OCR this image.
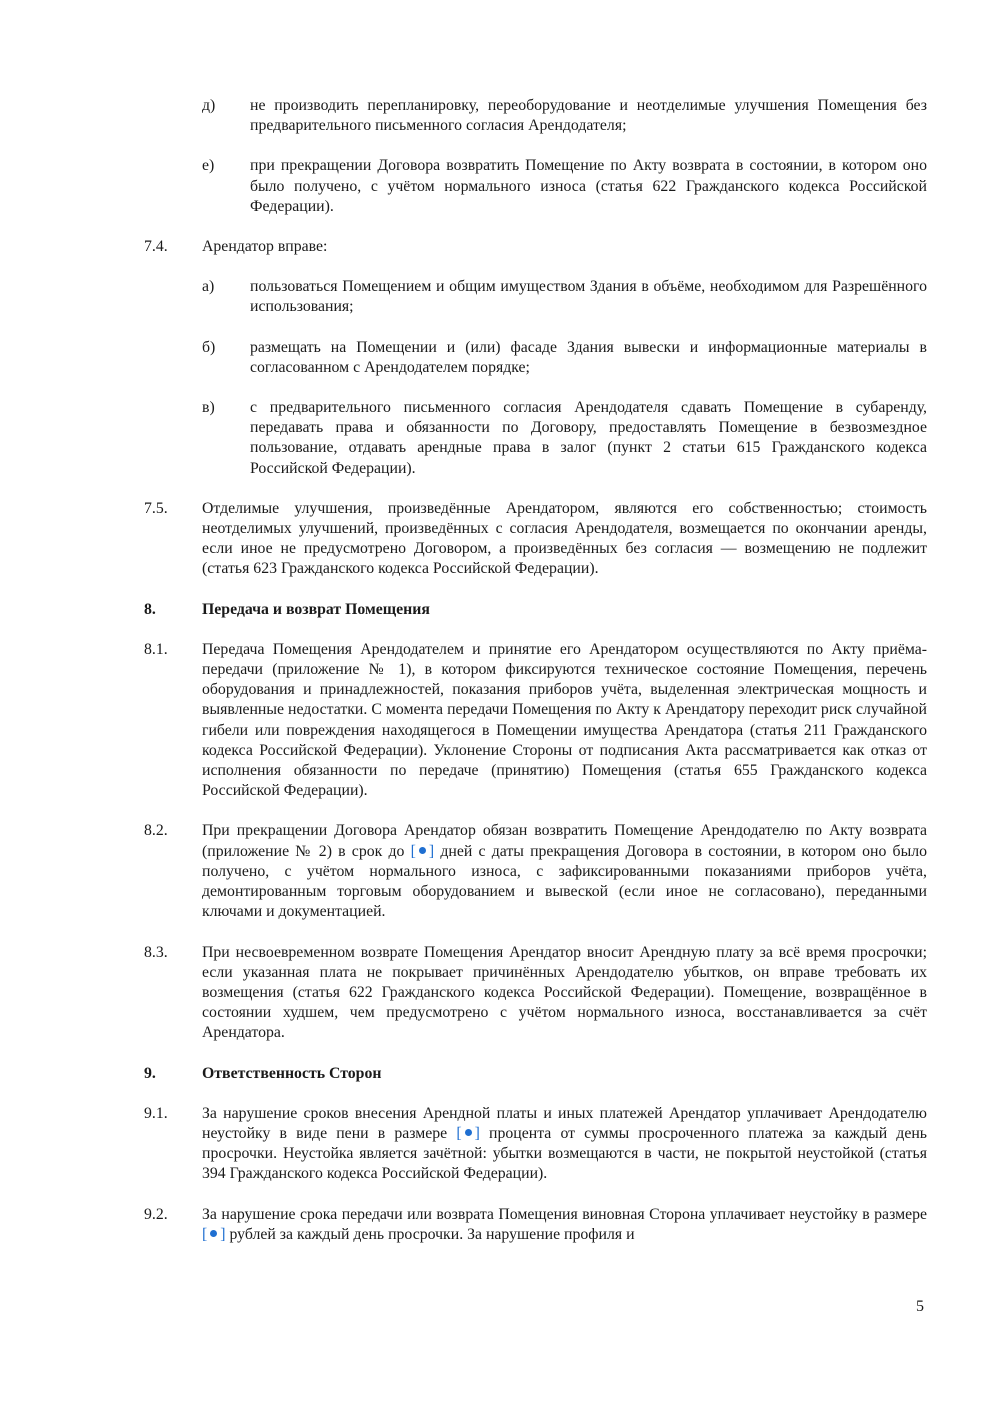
д)	не производить перепланировку, переоборудование и неотделимые улучшения Помещения без предварительного письменного согласия Арендодателя;
е)	при прекращении Договора возвратить Помещение по Акту возврата в состоянии, в котором оно было получено, с учётом нормального износа (статья 622 Гражданского кодекса Российской Федерации).
7.4.	Арендатор вправе:
а)	пользоваться Помещением и общим имуществом Здания в объёме, необходимом для Разрешённого использования;
б)	размещать на Помещении и (или) фасаде Здания вывески и информационные материалы в согласованном с Арендодателем порядке;
в)	с предварительного письменного согласия Арендодателя сдавать Помещение в субаренду, передавать права и обязанности по Договору, предоставлять Помещение в безвозмездное пользование, отдавать арендные права в залог (пункт 2 статьи 615 Гражданского кодекса Российской Федерации).
7.5.	Отделимые улучшения, произведённые Арендатором, являются его собственностью; стоимость неотделимых улучшений, произведённых с согласия Арендодателя, возмещается по окончании аренды, если иное не предусмотрено Договором, а произведённых без согласия — возмещению не подлежит (статья 623 Гражданского кодекса Российской Федерации).
8.	Передача и возврат Помещения
8.1.	Передача Помещения Арендодателем и принятие его Арендатором осуществляются по Акту приёма-передачи (приложение № 1), в котором фиксируются техническое состояние Помещения, перечень оборудования и принадлежностей, показания приборов учёта, выделенная электрическая мощность и выявленные недостатки. С момента передачи Помещения по Акту к Арендатору переходит риск случайной гибели или повреждения находящегося в Помещении имущества Арендатора (статья 211 Гражданского кодекса Российской Федерации). Уклонение Стороны от подписания Акта рассматривается как отказ от исполнения обязанности по передаче (принятию) Помещения (статья 655 Гражданского кодекса Российской Федерации).
8.2.	При прекращении Договора Арендатор обязан возвратить Помещение Арендодателю по Акту возврата (приложение № 2) в срок до [ ] дней с даты прекращения Договора в состоянии, в котором оно было получено, с учётом нормального износа, с зафиксированными показаниями приборов учёта, демонтированным торговым оборудованием и вывеской (если иное не согласовано), переданными ключами и документацией.
8.3.	При несвоевременном возврате Помещения Арендатор вносит Арендную плату за всё время просрочки; если указанная плата не покрывает причинённых Арендодателю убытков, он вправе требовать их возмещения (статья 622 Гражданского кодекса Российской Федерации). Помещение, возвращённое в состоянии худшем, чем предусмотрено с учётом нормального износа, восстанавливается за счёт Арендатора.
9.	Ответственность Сторон
9.1.	За нарушение сроков внесения Арендной платы и иных платежей Арендатор уплачивает Арендодателю неустойку в виде пени в размере [ ] процента от суммы просроченного платежа за каждый день просрочки. Неустойка является зачётной: убытки возмещаются в части, не покрытой неустойкой (статья 394 Гражданского кодекса Российской Федерации).
9.2.	За нарушение срока передачи или возврата Помещения виновная Сторона уплачивает неустойку в размере [ ] рублей за каждый день просрочки. За нарушение профиля и
5
